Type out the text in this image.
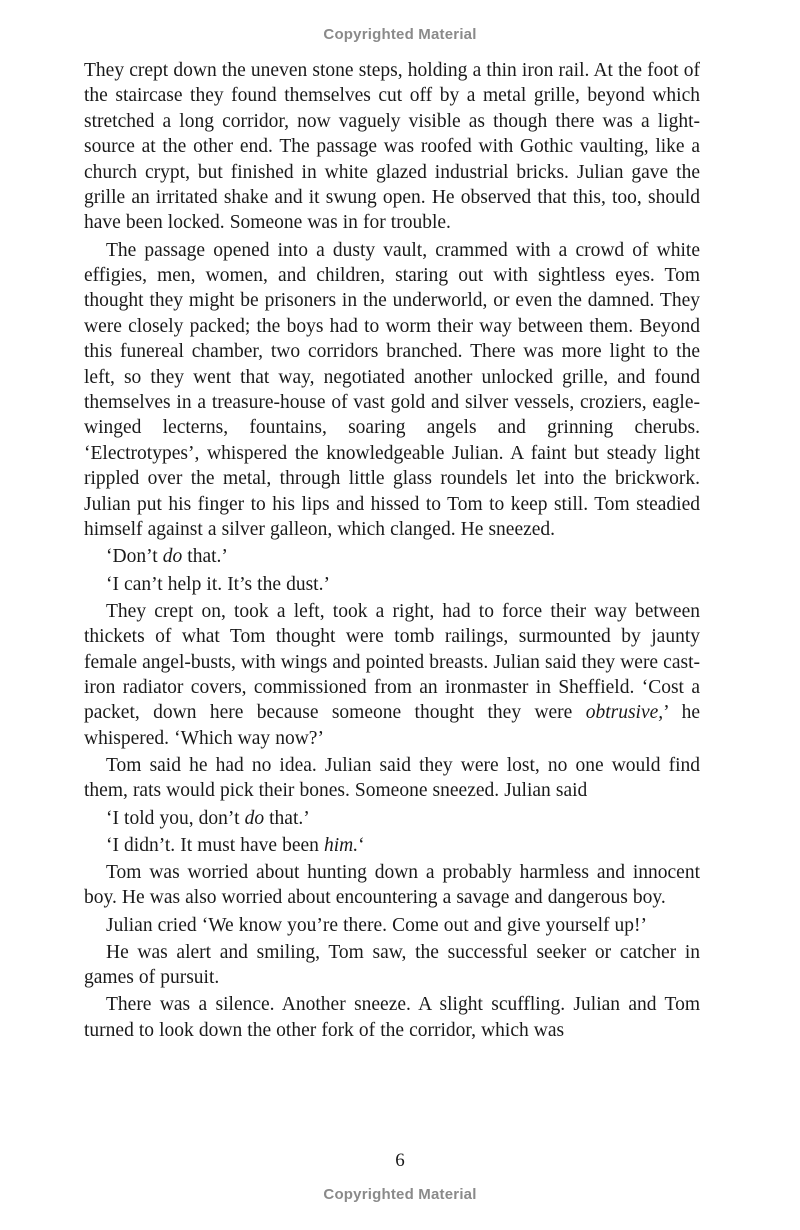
Copyrighted Material

They crept down the uneven stone steps, holding a thin iron rail. At the foot of the staircase they found themselves cut off by a metal grille, beyond which stretched a long corridor, now vaguely visible as though there was a light-source at the other end. The passage was roofed with Gothic vaulting, like a church crypt, but finished in white glazed industrial bricks. Julian gave the grille an irritated shake and it swung open. He observed that this, too, should have been locked. Someone was in for trouble.

The passage opened into a dusty vault, crammed with a crowd of white effigies, men, women, and children, staring out with sightless eyes. Tom thought they might be prisoners in the underworld, or even the damned. They were closely packed; the boys had to worm their way between them. Beyond this funereal chamber, two corridors branched. There was more light to the left, so they went that way, negotiated another unlocked grille, and found themselves in a treasure-house of vast gold and silver vessels, croziers, eagle-winged lecterns, fountains, soaring angels and grinning cherubs. ‘Electrotypes’, whispered the knowledgeable Julian. A faint but steady light rippled over the metal, through little glass roundels let into the brickwork. Julian put his finger to his lips and hissed to Tom to keep still. Tom steadied himself against a silver galleon, which clanged. He sneezed.

‘Don’t do that.’

‘I can’t help it. It’s the dust.’

They crept on, took a left, took a right, had to force their way between thickets of what Tom thought were tomb railings, surmounted by jaunty female angel-busts, with wings and pointed breasts. Julian said they were cast-iron radiator covers, commissioned from an ironmaster in Sheffield. ‘Cost a packet, down here because someone thought they were obtrusive,’ he whispered. ‘Which way now?’

Tom said he had no idea. Julian said they were lost, no one would find them, rats would pick their bones. Someone sneezed. Julian said

‘I told you, don’t do that.’

‘I didn’t. It must have been him.‘

Tom was worried about hunting down a probably harmless and innocent boy. He was also worried about encountering a savage and dangerous boy.

Julian cried ‘We know you’re there. Come out and give yourself up!’

He was alert and smiling, Tom saw, the successful seeker or catcher in games of pursuit.

There was a silence. Another sneeze. A slight scuffling. Julian and Tom turned to look down the other fork of the corridor, which was

6
Copyrighted Material
